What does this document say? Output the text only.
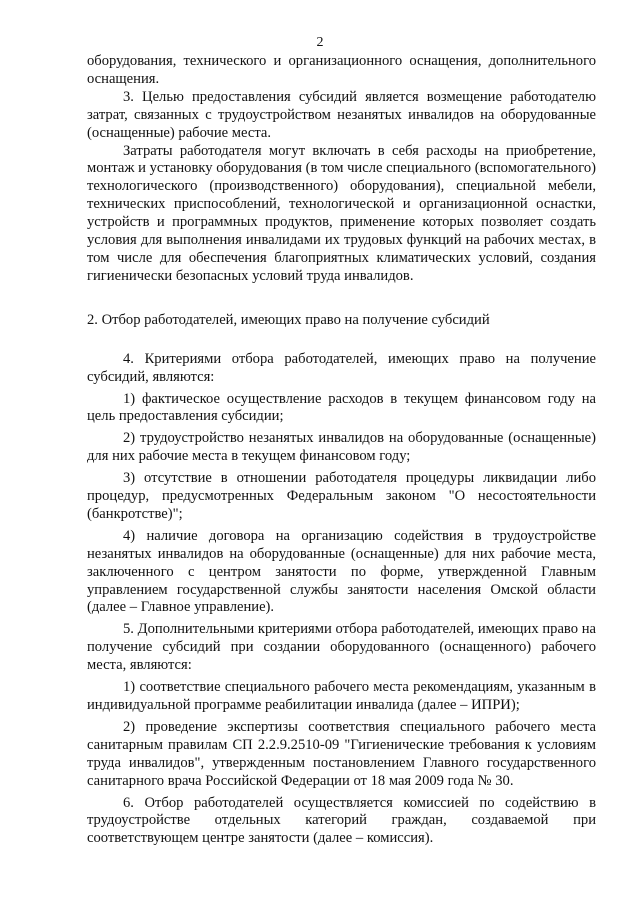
2

оборудования, технического и организационного оснащения, дополнительного оснащения.

3. Целью предоставления субсидий является возмещение работодателю затрат, связанных с трудоустройством незанятых инвалидов на оборудованные (оснащенные) рабочие места.

Затраты работодателя могут включать в себя расходы на приобретение, монтаж и установку оборудования (в том числе специального (вспомогательного) технологического (производственного) оборудования), специальной мебели, технических приспособлений, технологической и организационной оснастки, устройств и программных продуктов, применение которых позволяет создать условия для выполнения инвалидами их трудовых функций на рабочих местах, в том числе для обеспечения благоприятных климатических условий, создания гигиенически безопасных условий труда инвалидов.

2. Отбор работодателей, имеющих право на получение субсидий

4. Критериями отбора работодателей, имеющих право на получение субсидий, являются:

1) фактическое осуществление расходов в текущем финансовом году на цель предоставления субсидии;

2) трудоустройство незанятых инвалидов на оборудованные (оснащенные) для них рабочие места в текущем финансовом году;

3) отсутствие в отношении работодателя процедуры ликвидации либо процедур, предусмотренных Федеральным законом "О несостоятельности (банкротстве)";

4) наличие договора на организацию содействия в трудоустройстве незанятых инвалидов на оборудованные (оснащенные) для них рабочие места, заключенного с центром занятости по форме, утвержденной Главным управлением государственной службы занятости населения Омской области (далее – Главное управление).

5. Дополнительными критериями отбора работодателей, имеющих право на получение субсидий при создании оборудованного (оснащенного) рабочего места, являются:

1) соответствие специального рабочего места рекомендациям, указанным в индивидуальной программе реабилитации инвалида (далее – ИПРИ);

2) проведение экспертизы соответствия специального рабочего места санитарным правилам СП 2.2.9.2510-09 "Гигиенические требования к условиям труда инвалидов", утвержденным постановлением Главного государственного санитарного врача Российской Федерации от 18 мая 2009 года № 30.

6. Отбор работодателей осуществляется комиссией по содействию в трудоустройстве отдельных категорий граждан, создаваемой при соответствующем центре занятости (далее – комиссия).
